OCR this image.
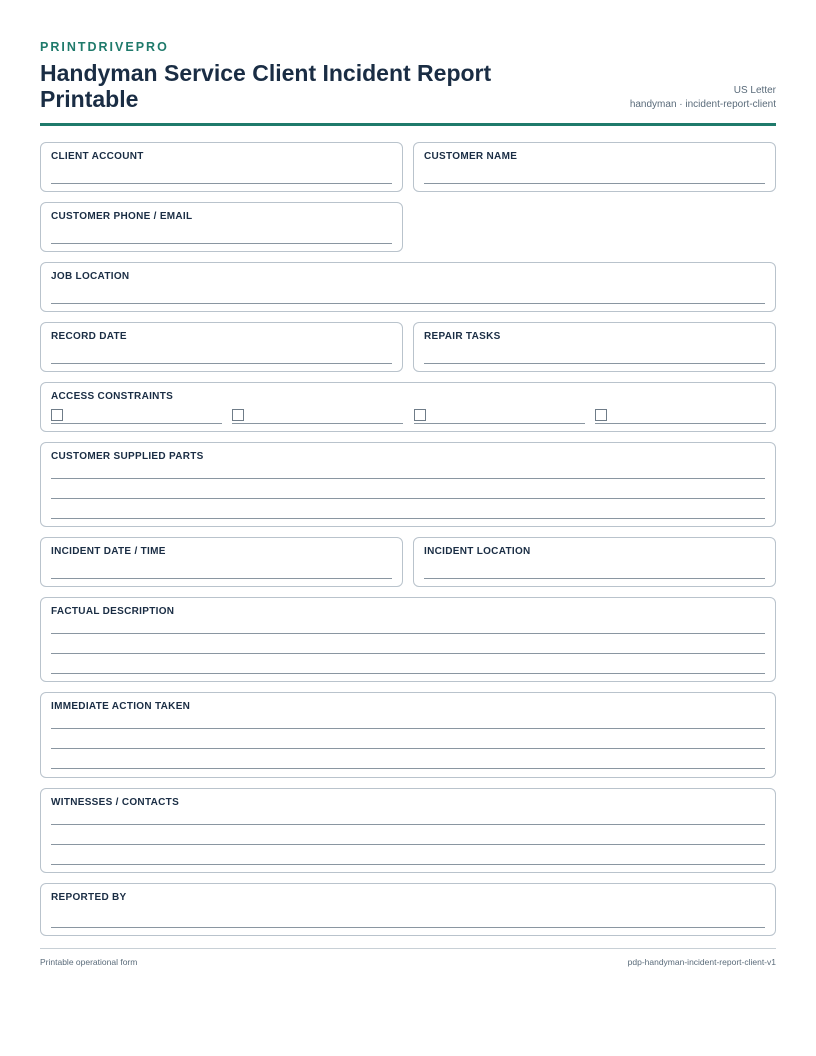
PRINTDRIVEPRO
Handyman Service Client Incident Report Printable	US Letter
handyman · incident-report-client
CLIENT ACCOUNT	CUSTOMER NAME
CUSTOMER PHONE / EMAIL
JOB LOCATION
RECORD DATE	REPAIR TASKS
ACCESS CONSTRAINTS
CUSTOMER SUPPLIED PARTS
INCIDENT DATE / TIME	INCIDENT LOCATION
FACTUAL DESCRIPTION
IMMEDIATE ACTION TAKEN
WITNESSES / CONTACTS
REPORTED BY
Printable operational form	pdp-handyman-incident-report-client-v1
